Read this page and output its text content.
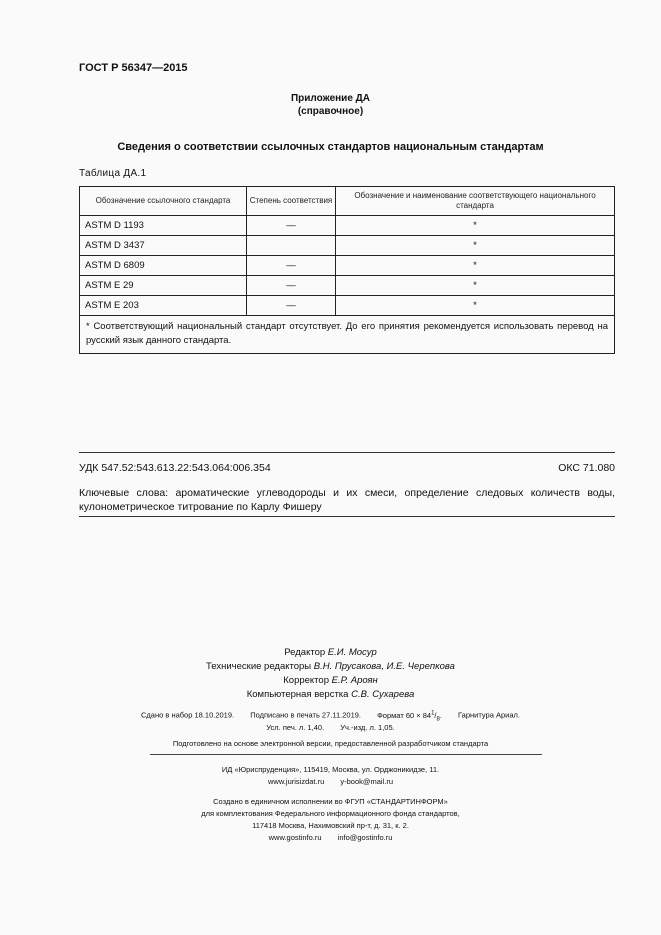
ГОСТ Р 56347—2015
Приложение ДА
(справочное)
Сведения о соответствии ссылочных стандартов национальным стандартам
Таблица ДА.1
Обозначение ссылочного стандарта	Степень соответствия	Обозначение и наименование соответствующего национального стандарта
ASTM D 1193	—	*
ASTM D 3437		*
ASTM D 6809	—	*
ASTM E 29	—	*
ASTM E 203	—	*
* Соответствующий национальный стандарт отсутствует. До его принятия рекомендуется использовать перевод на русский язык данного стандарта.		
УДК 547.52:543.613.22:543.064:006.354	ОКС 71.080
Ключевые слова: ароматические углеводороды и их смеси, определение следовых количеств воды, кулонометрическое титрование по Карлу Фишеру
Редактор Е.И. Мосур
Технические редакторы В.Н. Прусакова, И.Е. Черепкова
Корректор Е.Р. Ароян
Компьютерная верстка С.В. Сухарева
Сдано в набор 18.10.2019. Подписано в печать 27.11.2019. Формат $60 \times 84^1/_8$. Гарнитура Ариал.
Усл. печ. л. 1,40. Уч.-изд. л. 1,05.
Подготовлено на основе электронной версии, предоставленной разработчиком стандарта
ИД «Юриспруденция», 115419, Москва, ул. Орджоникидзе, 11.
www.jurisizdat.ru y-book@mail.ru
Создано в единичном исполнении во ФГУП «СТАНДАРТИНФОРМ»
для комплектования Федерального информационного фонда стандартов,
117418 Москва, Нахимовский пр-т, д. 31, к. 2.
www.gostinfo.ru info@gostinfo.ru
